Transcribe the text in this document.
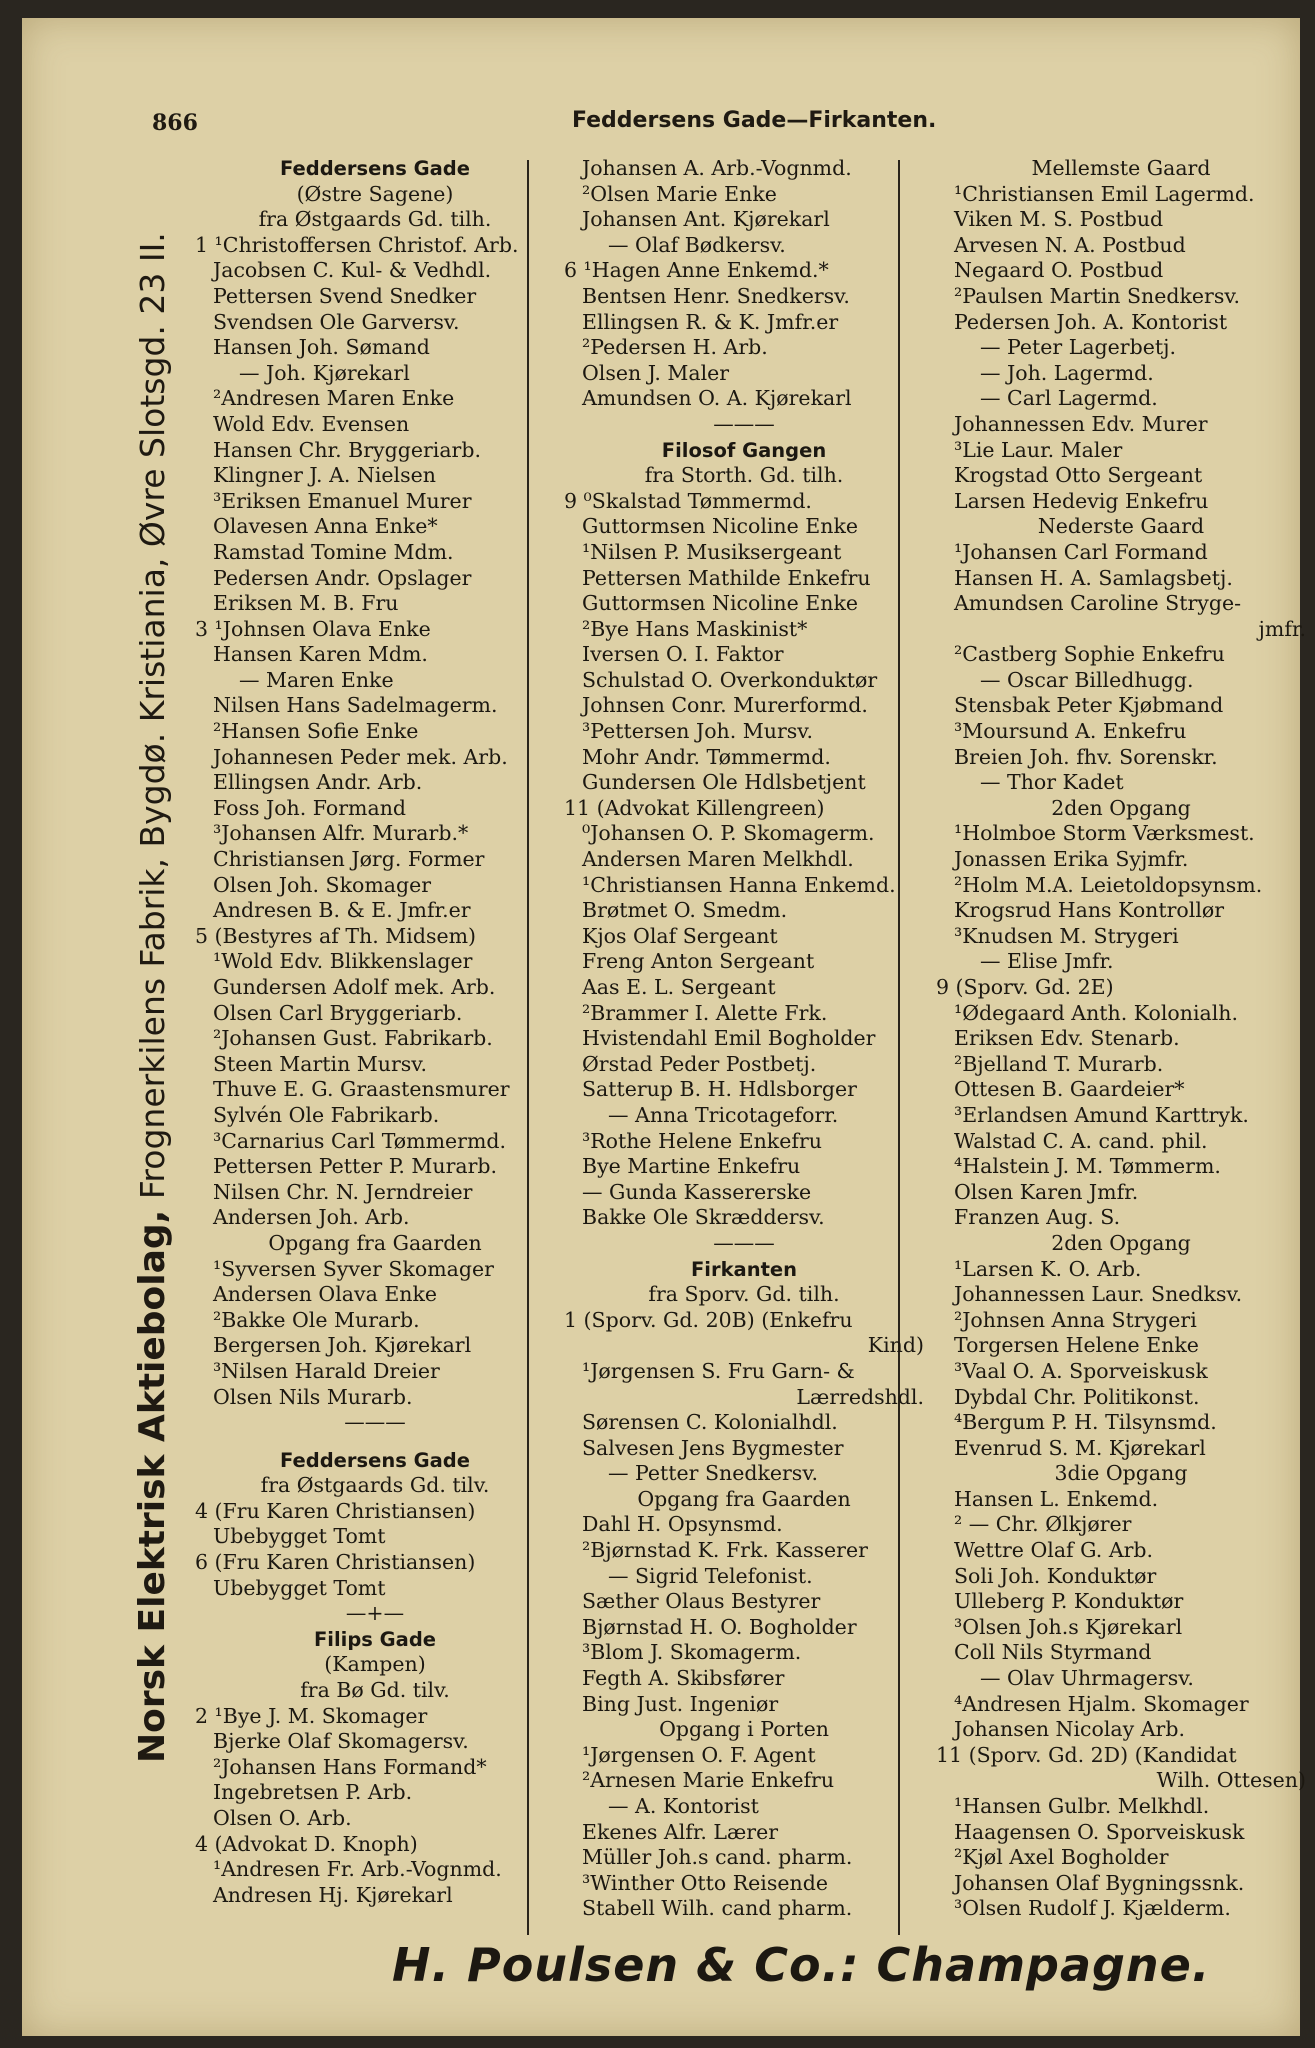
866	Feddersens Gade—Firkanten.
Norsk Elektrisk Aktiebolag, Frognerkilens Fabrik, Bygdø. Kristiania, Øvre Slotsgd. 23 II.
Feddersens Gade
(Østre Sagene)
fra Østgaards Gd. tilh.
1 ¹Christoffersen Christof. Arb.
Jacobsen C. Kul- & Vedhdl.
Pettersen Svend Snedker
Svendsen Ole Garversv.
Hansen Joh. Sømand
— Joh. Kjørekarl
²Andresen Maren Enke
Wold Edv. Evensen
Hansen Chr. Bryggeriarb.
Klingner J. A. Nielsen
³Eriksen Emanuel Murer
Olavesen Anna Enke*
Ramstad Tomine Mdm.
Pedersen Andr. Opslager
Eriksen M. B. Fru
3 ¹Johnsen Olava Enke
Hansen Karen Mdm.
— Maren Enke
Nilsen Hans Sadelmagerm.
²Hansen Sofie Enke
Johannesen Peder mek. Arb.
Ellingsen Andr. Arb.
Foss Joh. Formand
³Johansen Alfr. Murarb.*
Christiansen Jørg. Former
Olsen Joh. Skomager
Andresen B. & E. Jmfr.er
5 (Bestyres af Th. Midsem)
¹Wold Edv. Blikkenslager
Gundersen Adolf mek. Arb.
Olsen Carl Bryggeriarb.
²Johansen Gust. Fabrikarb.
Steen Martin Mursv.
Thuve E. G. Graastensmurer
Sylvén Ole Fabrikarb.
³Carnarius Carl Tømmermd.
Pettersen Petter P. Murarb.
Nilsen Chr. N. Jerndreier
Andersen Joh. Arb.
Opgang fra Gaarden
¹Syversen Syver Skomager
Andersen Olava Enke
²Bakke Ole Murarb.
Bergersen Joh. Kjørekarl
³Nilsen Harald Dreier
Olsen Nils Murarb.
———
Feddersens Gade
fra Østgaards Gd. tilv.
4 (Fru Karen Christiansen)
Ubebygget Tomt
6 (Fru Karen Christiansen)
Ubebygget Tomt
—+—
Filips Gade
(Kampen)
fra Bø Gd. tilv.
2 ¹Bye J. M. Skomager
Bjerke Olaf Skomagersv.
²Johansen Hans Formand*
Ingebretsen P. Arb.
Olsen O. Arb.
4 (Advokat D. Knoph)
¹Andresen Fr. Arb.-Vognmd.
Andresen Hj. Kjørekarl
Johansen A. Arb.-Vognmd.
²Olsen Marie Enke
Johansen Ant. Kjørekarl
— Olaf Bødkersv.
6 ¹Hagen Anne Enkemd.*
Bentsen Henr. Snedkersv.
Ellingsen R. & K. Jmfr.er
²Pedersen H. Arb.
Olsen J. Maler
Amundsen O. A. Kjørekarl
———
Filosof Gangen
fra Storth. Gd. tilh.
9 ⁰Skalstad Tømmermd.
Guttormsen Nicoline Enke
¹Nilsen P. Musiksergeant
Pettersen Mathilde Enkefru
Guttormsen Nicoline Enke
²Bye Hans Maskinist*
Iversen O. I. Faktor
Schulstad O. Overkonduktør
Johnsen Conr. Murerformd.
³Pettersen Joh. Mursv.
Mohr Andr. Tømmermd.
Gundersen Ole Hdlsbetjent
11 (Advokat Killengreen)
⁰Johansen O. P. Skomagerm.
Andersen Maren Melkhdl.
¹Christiansen Hanna Enkemd.
Brøtmet O. Smedm.
Kjos Olaf Sergeant
Freng Anton Sergeant
Aas E. L. Sergeant
²Brammer I. Alette Frk.
Hvistendahl Emil Bogholder
Ørstad Peder Postbetj.
Satterup B. H. Hdlsborger
— Anna Tricotageforr.
³Rothe Helene Enkefru
Bye Martine Enkefru
— Gunda Kassererske
Bakke Ole Skræddersv.
———
Firkanten
fra Sporv. Gd. tilh.
1 (Sporv. Gd. 20B) (Enkefru
Kind)
¹Jørgensen S. Fru Garn- &
Lærredshdl.
Sørensen C. Kolonialhdl.
Salvesen Jens Bygmester
— Petter Snedkersv.
Opgang fra Gaarden
Dahl H. Opsynsmd.
²Bjørnstad K. Frk. Kasserer
— Sigrid Telefonist.
Sæther Olaus Bestyrer
Bjørnstad H. O. Bogholder
³Blom J. Skomagerm.
Fegth A. Skibsfører
Bing Just. Ingeniør
Opgang i Porten
¹Jørgensen O. F. Agent
²Arnesen Marie Enkefru
— A. Kontorist
Ekenes Alfr. Lærer
Müller Joh.s cand. pharm.
³Winther Otto Reisende
Stabell Wilh. cand pharm.
Mellemste Gaard
¹Christiansen Emil Lagermd.
Viken M. S. Postbud
Arvesen N. A. Postbud
Negaard O. Postbud
²Paulsen Martin Snedkersv.
Pedersen Joh. A. Kontorist
— Peter Lagerbetj.
— Joh. Lagermd.
— Carl Lagermd.
Johannessen Edv. Murer
³Lie Laur. Maler
Krogstad Otto Sergeant
Larsen Hedevig Enkefru
Nederste Gaard
¹Johansen Carl Formand
Hansen H. A. Samlagsbetj.
Amundsen Caroline Stryge-
jmfr.
²Castberg Sophie Enkefru
— Oscar Billedhugg.
Stensbak Peter Kjøbmand
³Moursund A. Enkefru
Breien Joh. fhv. Sorenskr.
— Thor Kadet
2den Opgang
¹Holmboe Storm Værksmest.
Jonassen Erika Syjmfr.
²Holm M.A. Leietoldopsynsm.
Krogsrud Hans Kontrollør
³Knudsen M. Strygeri
— Elise Jmfr.
9 (Sporv. Gd. 2E)
¹Ødegaard Anth. Kolonialh.
Eriksen Edv. Stenarb.
²Bjelland T. Murarb.
Ottesen B. Gaardeier*
³Erlandsen Amund Karttryk.
Walstad C. A. cand. phil.
⁴Halstein J. M. Tømmerm.
Olsen Karen Jmfr.
Franzen Aug. S.
2den Opgang
¹Larsen K. O. Arb.
Johannessen Laur. Snedksv.
²Johnsen Anna Strygeri
Torgersen Helene Enke
³Vaal O. A. Sporveiskusk
Dybdal Chr. Politikonst.
⁴Bergum P. H. Tilsynsmd.
Evenrud S. M. Kjørekarl
3die Opgang
Hansen L. Enkemd.
² — Chr. Ølkjører
Wettre Olaf G. Arb.
Soli Joh. Konduktør
Ulleberg P. Konduktør
³Olsen Joh.s Kjørekarl
Coll Nils Styrmand
— Olav Uhrmagersv.
⁴Andresen Hjalm. Skomager
Johansen Nicolay Arb.
11 (Sporv. Gd. 2D) (Kandidat
Wilh. Ottesen)
¹Hansen Gulbr. Melkhdl.
Haagensen O. Sporveiskusk
²Kjøl Axel Bogholder
Johansen Olaf Bygningssnk.
³Olsen Rudolf J. Kjælderm.
H. Poulsen & Co.: Champagne.
